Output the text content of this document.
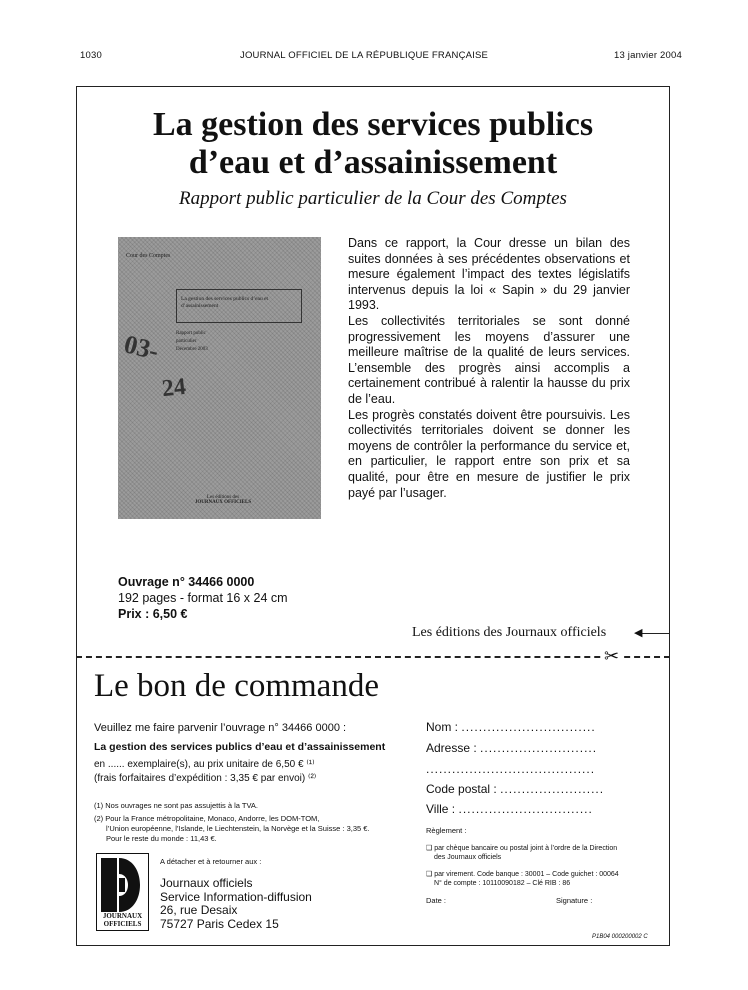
1030	JOURNAL OFFICIEL DE LA RÉPUBLIQUE FRANÇAISE	13 janvier 2004
La gestion des services publics
d’eau et d’assainissement
Rapport public particulier de la Cour des Comptes
Cour des Comptes
La gestion des services publics d’eau et d’assainissement
Rapport public
particulier
Décembre 2003
03-
24
Les éditions des
JOURNAUX OFFICIELS

Dans ce rapport, la Cour dresse un bilan des suites données à ses précédentes observations et mesure également l’impact des textes législatifs intervenus depuis la loi « Sapin » du 29 janvier 1993.

Les collectivités territoriales se sont donné progressivement les moyens d’assurer une meilleure maîtrise de la qualité de leurs services. L’ensemble des progrès ainsi accomplis a certainement contribué à ralentir la hausse du prix de l’eau.

Les progrès constatés doivent être poursuivis. Les collectivités territoriales doivent se donner les moyens de contrôler la performance du service et, en particulier, le rapport entre son prix et sa qualité, pour être en mesure de justifier le prix payé par l’usager.

Ouvrage n° 34466 0000
192 pages - format 16 x 24 cm
Prix : 6,50 €
Les éditions des Journaux officiels	◀
✂
Le bon de commande
Veuillez me faire parvenir l’ouvrage n° 34466 0000 :
La gestion des services publics d’eau et d’assainissement
en ...... exemplaire(s), au prix unitaire de 6,50 € ⁽¹⁾
(frais forfaitaires d’expédition : 3,35 € par envoi) ⁽²⁾
(1) Nos ouvrages ne sont pas assujettis à la TVA.
(2) Pour la France métropolitaine, Monaco, Andorre, les DOM-TOM,
l’Union européenne, l’Islande, le Liechtenstein, la Norvège et la Suisse : 3,35 €.
Pour le reste du monde : 11,43 €.
A détacher et à retourner aux :
JOURNAUX
OFFICIELS
Journaux officiels
Service Information-diffusion
26, rue Desaix
75727 Paris Cedex 15
Nom : ...............................
Adresse : ...........................
.......................................
Code postal : ........................
Ville : ...............................
Règlement :
❑ par chèque bancaire ou postal joint à l’ordre de la Direction
des Journaux officiels
❑ par virement. Code banque : 30001 – Code guichet : 00064
N° de compte : 10110090182 – Clé RIB : 86
Date :	Signature :
P1B04 000200002 C
